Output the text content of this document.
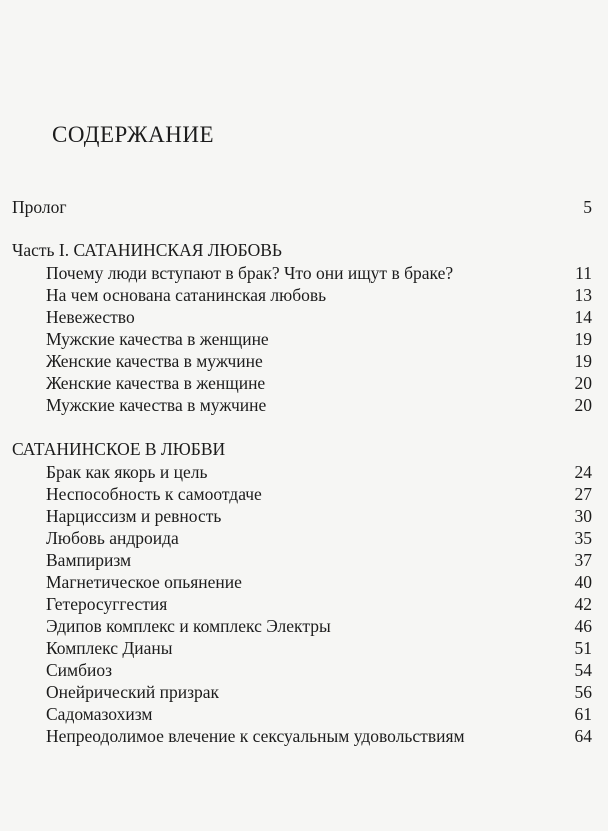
СОДЕРЖАНИЕ
Пролог	5
Часть I. САТАНИНСКАЯ ЛЮБОВЬ
Почему люди вступают в брак? Что они ищут в браке?	11
На чем основана сатанинская любовь	13
Невежество	14
Мужские качества в женщине	19
Женские качества в мужчине	19
Женские качества в женщине	20
Мужские качества в мужчине	20
САТАНИНСКОЕ В ЛЮБВИ
Брак как якорь и цель	24
Неспособность к самоотдаче	27
Нарциссизм и ревность	30
Любовь андроида	35
Вампиризм	37
Магнетическое опьянение	40
Гетеросуггестия	42
Эдипов комплекс и комплекс Электры	46
Комплекс Дианы	51
Симбиоз	54
Онейрический призрак	56
Садомазохизм	61
Непреодолимое влечение к сексуальным удовольствиям	64
